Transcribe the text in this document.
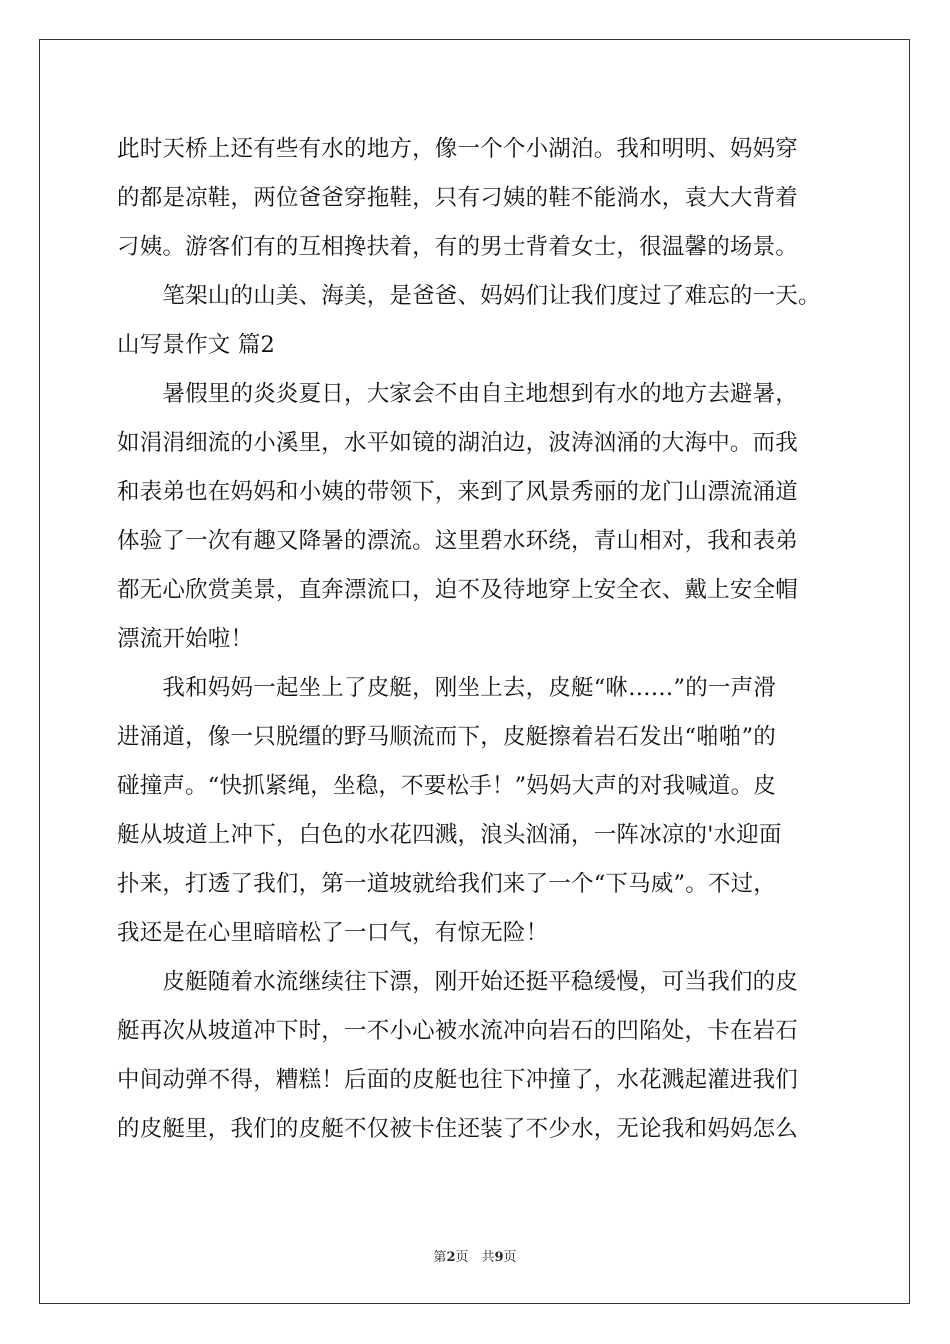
此时天桥上还有些有水的地方，像一个个小湖泊。我和明明、妈妈穿
的都是凉鞋，两位爸爸穿拖鞋，只有刁姨的鞋不能淌水，袁大大背着
刁姨。游客们有的互相搀扶着，有的男士背着女士，很温馨的场景。
　　笔架山的山美、海美，是爸爸、妈妈们让我们度过了难忘的一天。
山写景作文 篇2
　　暑假里的炎炎夏日，大家会不由自主地想到有水的地方去避暑，
如涓涓细流的小溪里，水平如镜的湖泊边，波涛汹涌的大海中。而我
和表弟也在妈妈和小姨的带领下，来到了风景秀丽的龙门山漂流涌道
体验了一次有趣又降暑的漂流。这里碧水环绕，青山相对，我和表弟
都无心欣赏美景，直奔漂流口，迫不及待地穿上安全衣、戴上安全帽
漂流开始啦！
　　我和妈妈一起坐上了皮艇，刚坐上去，皮艇“咻……”的一声滑
进涌道，像一只脱缰的野马顺流而下，皮艇擦着岩石发出“啪啪”的
碰撞声。“快抓紧绳，坐稳，不要松手！”妈妈大声的对我喊道。皮
艇从坡道上冲下，白色的水花四溅，浪头汹涌，一阵冰凉的'水迎面
扑来，打透了我们，第一道坡就给我们来了一个“下马威”。不过，
我还是在心里暗暗松了一口气，有惊无险！
　　皮艇随着水流继续往下漂，刚开始还挺平稳缓慢，可当我们的皮
艇再次从坡道冲下时，一不小心被水流冲向岩石的凹陷处，卡在岩石
中间动弹不得，糟糕！后面的皮艇也往下冲撞了，水花溅起灌进我们
的皮艇里，我们的皮艇不仅被卡住还装了不少水，无论我和妈妈怎么
第2页　共9页
